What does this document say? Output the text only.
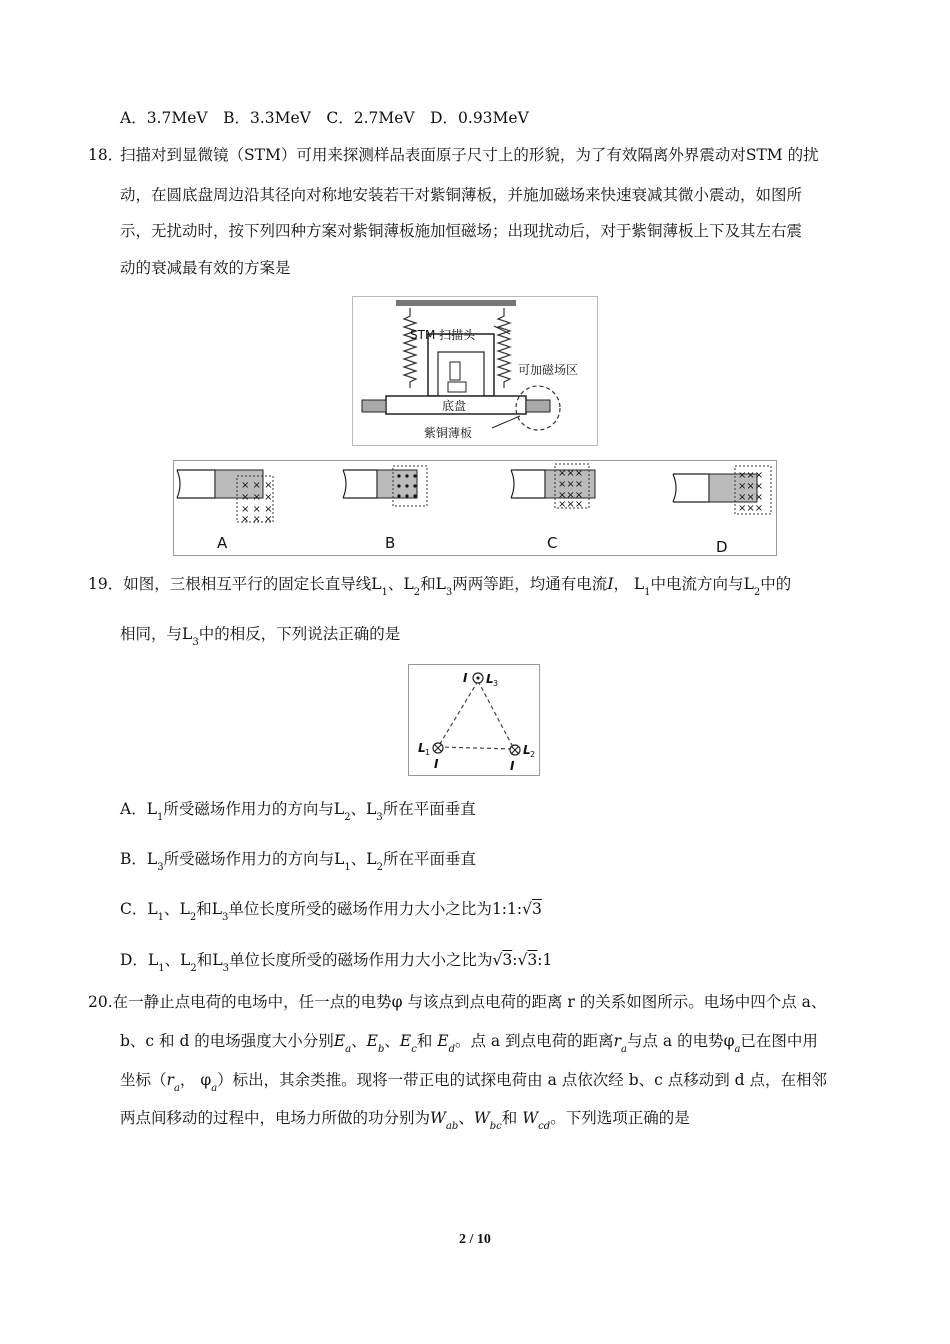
A．3.7MeV　B．3.3MeV　C．2.7MeV　D．0.93MeV
18．
扫描对到显微镜（STM）可用来探测样品表面原子尺寸上的形貌，为了有效隔离外界震动对STM 的扰
动，在圆底盘周边沿其径向对称地安装若干对紫铜薄板，并施加磁场来快速衰减其微小震动，如图所
示，无扰动时，按下列四种方案对紫铜薄板施加恒磁场；出现扰动后，对于紫铜薄板上下及其左右震
动的衰减最有效的方案是
STM 扫描头
可加磁场区
底盘
紫铜薄板
× × ×
× × ×
× × ×
× × ×
×××
×××
×××
×××
×××
×××
×××
×××
A	B	C	D
19．如图，三根相互平行的固定长直导线$L_1$、$L_2$和$L_3$两两等距，均通有电流I， $L_1$中电流方向与$L_2$中的
相同，与$L_3$中的相反，下列说法正确的是
I L
L	L
I	I
3
1	2
A．$L_1$所受磁场作用力的方向与$L_2$、$L_3$所在平面垂直
B．$L_3$所受磁场作用力的方向与$L_1$、$L_2$所在平面垂直
C．$L_1$、$L_2$和$L_3$单位长度所受的磁场作用力大小之比为1:1:√3
D．$L_1$、$L_2$和$L_3$单位长度所受的磁场作用力大小之比为√3:√3:1
20.在一静止点电荷的电场中，任一点的电势φ 与该点到点电荷的距离 r 的关系如图所示。电场中四个点 a、
b、c 和 d 的电场强度大小分别$E_a$、$E_b$、$E_c$和 $E_d$。点 a 到点电荷的距离$r_a$与点 a 的电势$\varphi_a$已在图中用
坐标（$r_a$， $\varphi_a$）标出，其余类推。现将一带正电的试探电荷由 a 点依次经 b、c 点移动到 d 点，在相邻
两点间移动的过程中，电场力所做的功分别为$W_{ab}$、$W_{bc}$和 $W_{cd}$。下列选项正确的是
2 / 10
